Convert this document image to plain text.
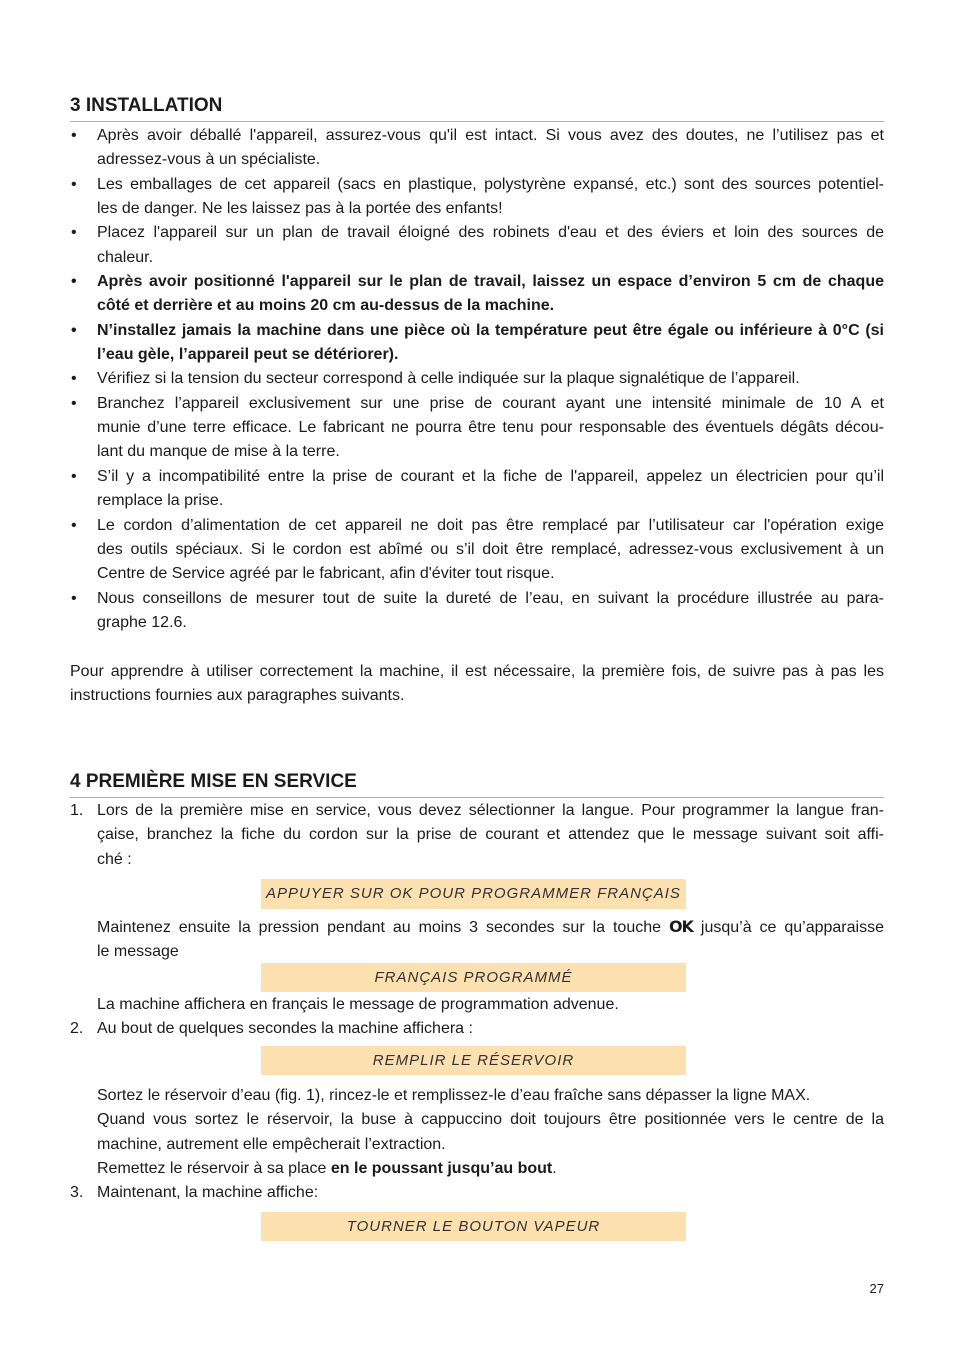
3 INSTALLATION
•	Après avoir déballé l'appareil, assurez-vous qu'il est intact. Si vous avez des doutes, ne l’utilisez pas et
adressez-vous à un spécialiste.
•	Les emballages de cet appareil (sacs en plastique, polystyrène expansé, etc.) sont des sources potentiel-
les de danger. Ne les laissez pas à la portée des enfants!
•	Placez l'appareil sur un plan de travail éloigné des robinets d'eau et des éviers et loin des sources de
chaleur.
•	Après avoir positionné l'appareil sur le plan de travail, laissez un espace d’environ 5 cm de chaque
côté et derrière et au moins 20 cm au-dessus de la machine.
•	N’installez jamais la machine dans une pièce où la température peut être égale ou inférieure à 0°C (si
l’eau gèle, l’appareil peut se détériorer).
•	Vérifiez si la tension du secteur correspond à celle indiquée sur la plaque signalétique de l’appareil.
•	Branchez l’appareil exclusivement sur une prise de courant ayant une intensité minimale de 10 A et
munie d’une terre efficace. Le fabricant ne pourra être tenu pour responsable des éventuels dégâts décou-
lant du manque de mise à la terre.
•	S’il y a incompatibilité entre la prise de courant et la fiche de l'appareil, appelez un électricien pour qu’il
remplace la prise.
•	Le cordon d’alimentation de cet appareil ne doit pas être remplacé par l’utilisateur car l'opération exige
des outils spéciaux. Si le cordon est abîmé ou s’il doit être remplacé, adressez-vous exclusivement à un
Centre de Service agréé par le fabricant, afin d'éviter tout risque.
•	Nous conseillons de mesurer tout de suite la dureté de l’eau, en suivant la procédure illustrée au para-
graphe 12.6.
Pour apprendre à utiliser correctement la machine, il est nécessaire, la première fois, de suivre pas à pas les
instructions fournies aux paragraphes suivants.
4 PREMIÈRE MISE EN SERVICE
1. Lors de la première mise en service, vous devez sélectionner la langue. Pour programmer la langue fran-
çaise, branchez la fiche du cordon sur la prise de courant et attendez que le message suivant soit affi-
ché :
APPUYER SUR OK POUR PROGRAMMER FRANÇAIS
Maintenez ensuite la pression pendant au moins 3 secondes sur la touche OK jusqu’à ce qu’apparaisse
le message
FRANÇAIS PROGRAMMÉ
La machine affichera en français le message de programmation advenue.
2. Au bout de quelques secondes la machine affichera :
REMPLIR LE RÉSERVOIR
Sortez le réservoir d’eau (fig. 1), rincez-le et remplissez-le d’eau fraîche sans dépasser la ligne MAX.
Quand vous sortez le réservoir, la buse à cappuccino doit toujours être positionnée vers le centre de la
machine, autrement elle empêcherait l’extraction.
Remettez le réservoir à sa place en le poussant jusqu’au bout.
3. Maintenant, la machine affiche:
TOURNER LE BOUTON VAPEUR
27
